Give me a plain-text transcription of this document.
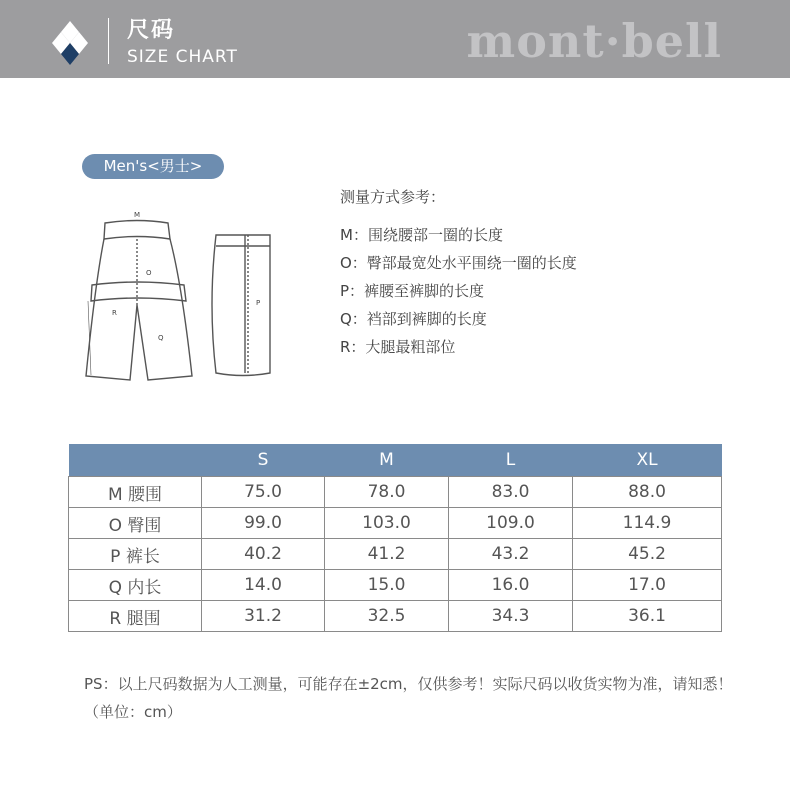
尺码
SIZE CHART	mont·bell
Men's<男士>
M
O
R
Q
P
测量方式参考：
M：围绕腰部一圈的长度
O：臀部最宽处水平围绕一圈的长度
P：裤腰至裤脚的长度
Q：裆部到裤脚的长度
R：大腿最粗部位
	S	M	L	XL
M 腰围	75.0	78.0	83.0	88.0
O 臀围	99.0	103.0	109.0	114.9
P 裤长	40.2	41.2	43.2	45.2
Q 内长	14.0	15.0	16.0	17.0
R 腿围	31.2	32.5	34.3	36.1
PS：以上尺码数据为人工测量，可能存在±2cm，仅供参考！实际尺码以收货实物为准，请知悉！（单位：cm）
